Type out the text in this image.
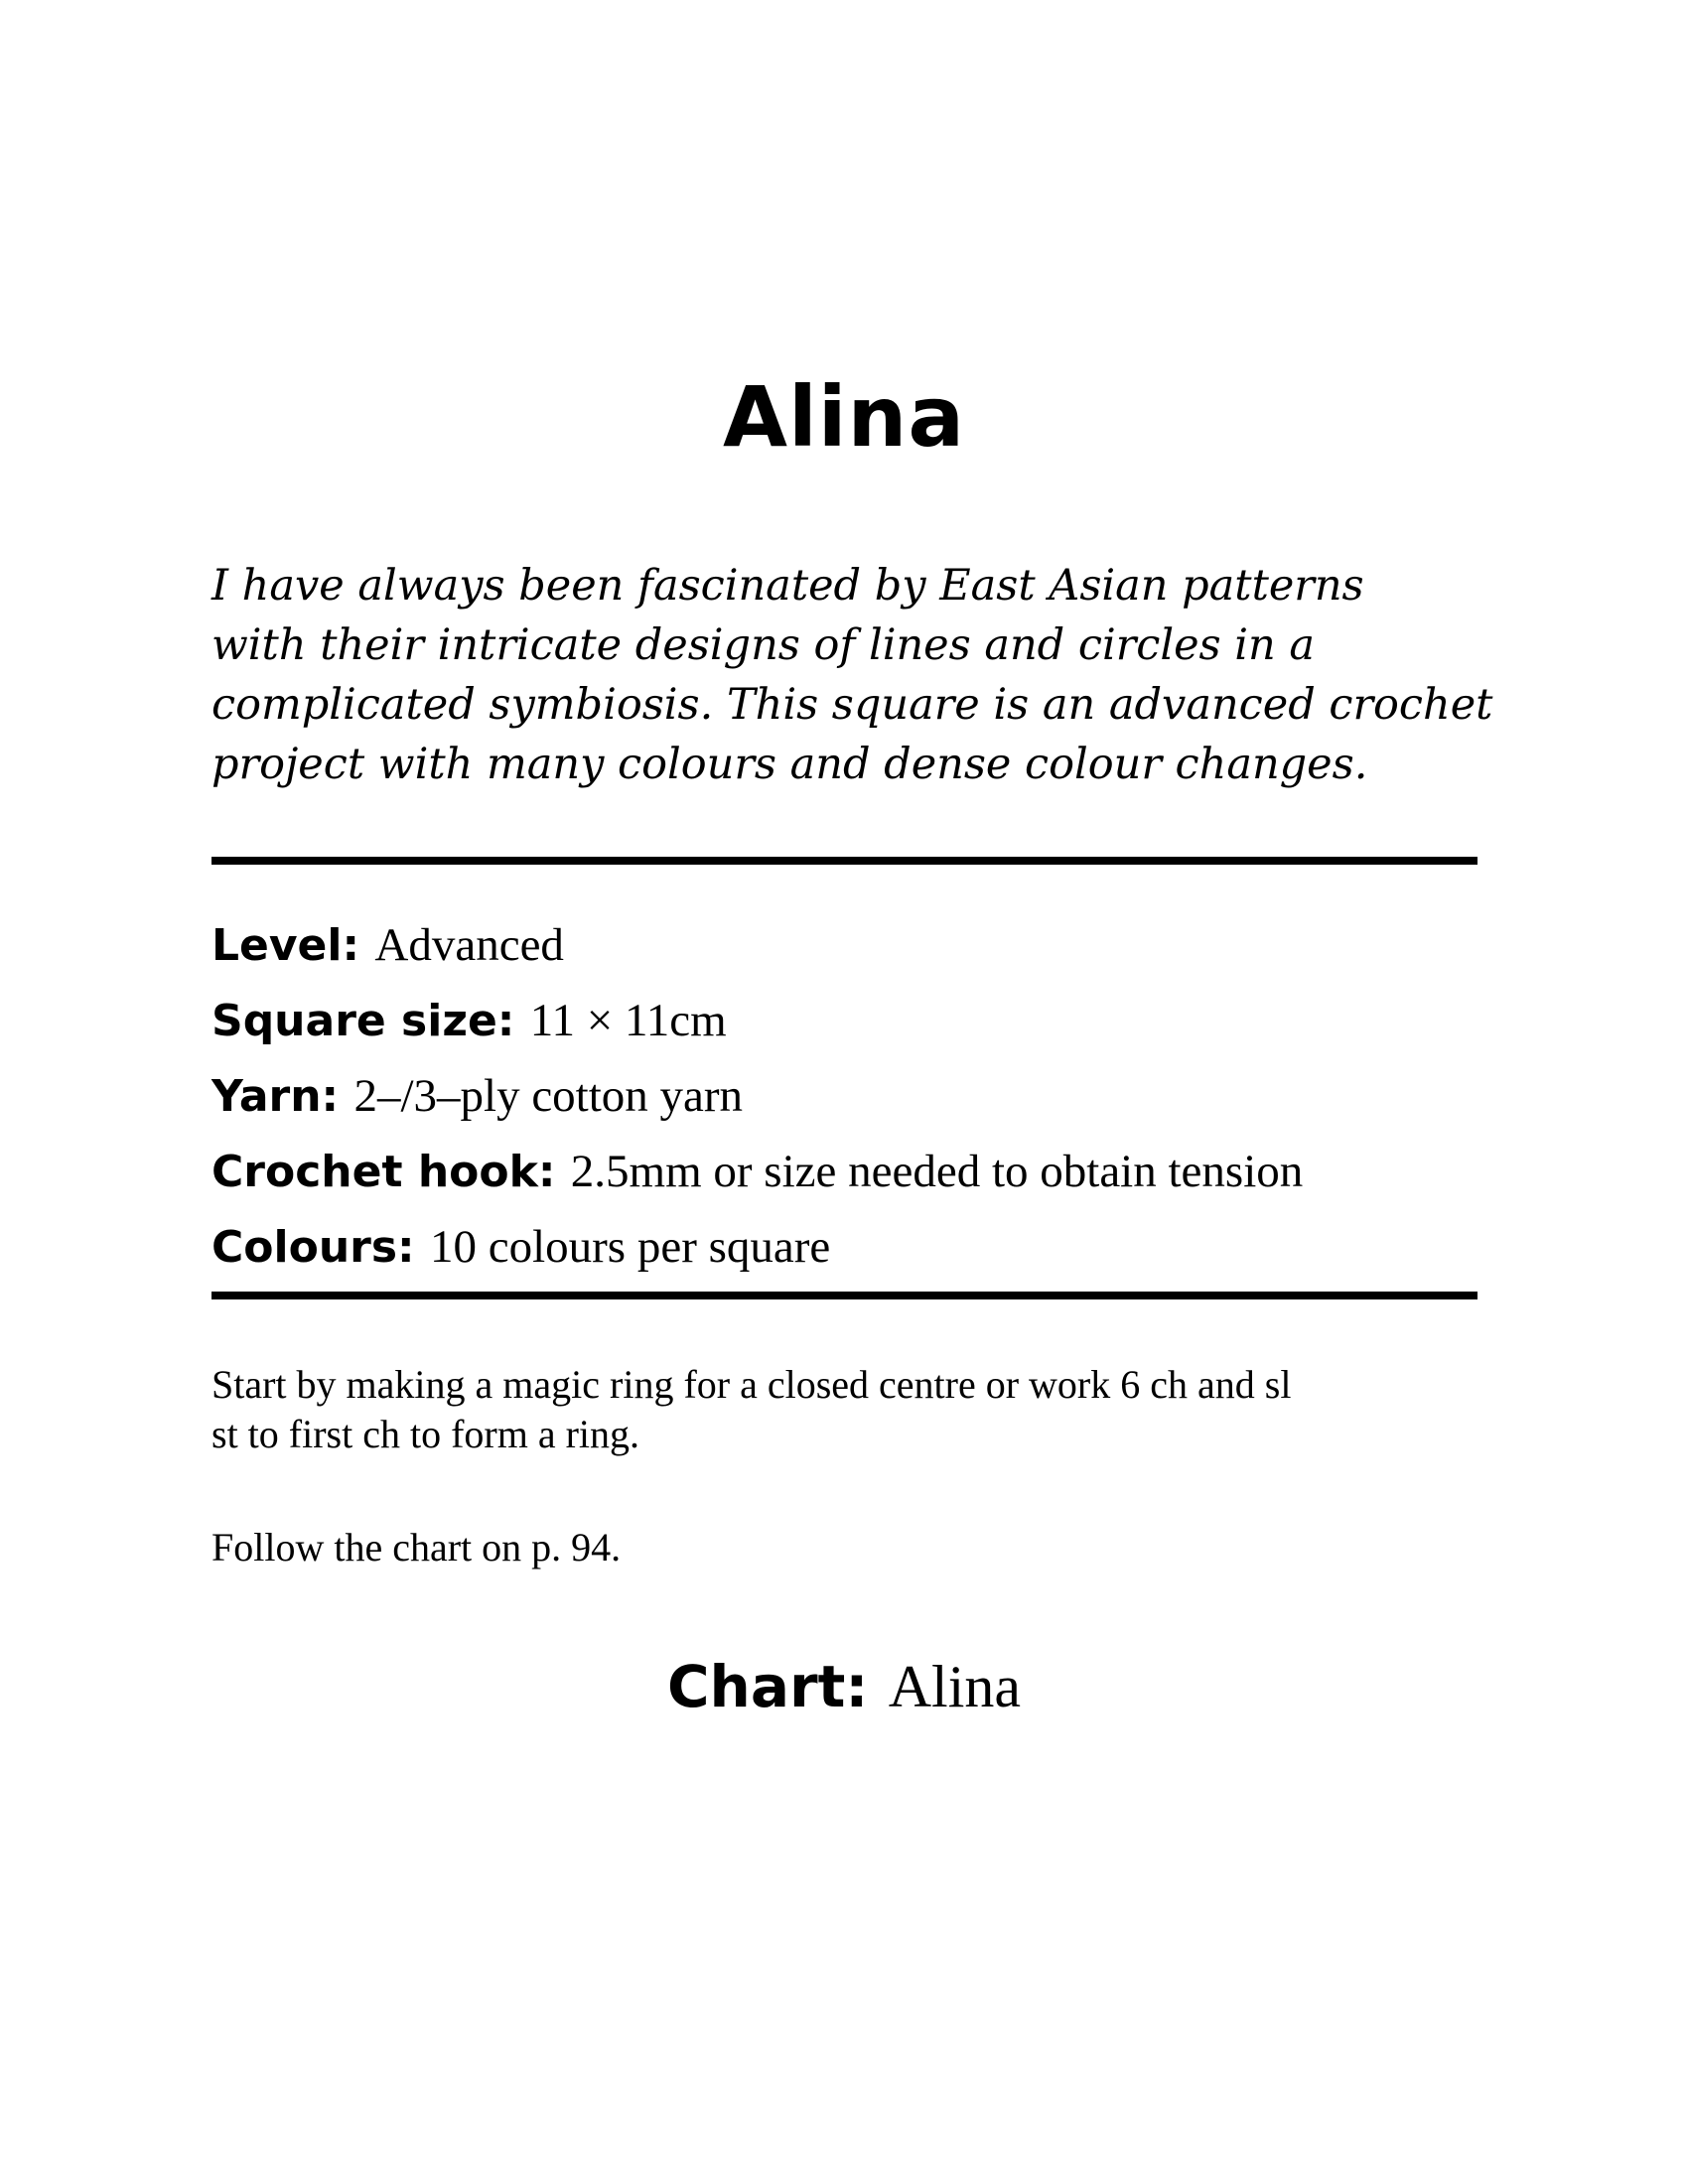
Alina

I have always been fascinated by East Asian patterns
with their intricate designs of lines and circles in a
complicated symbiosis. This square is an advanced crochet
project with many colours and dense colour changes.

Level: Advanced
Square size: 11 × 11cm
Yarn: 2–/3–ply cotton yarn
Crochet hook: 2.5mm or size needed to obtain tension
Colours: 10 colours per square

Start by making a magic ring for a closed centre or work 6 ch and sl
st to first ch to form a ring.

Follow the chart on p. 94.

Chart: Alina
